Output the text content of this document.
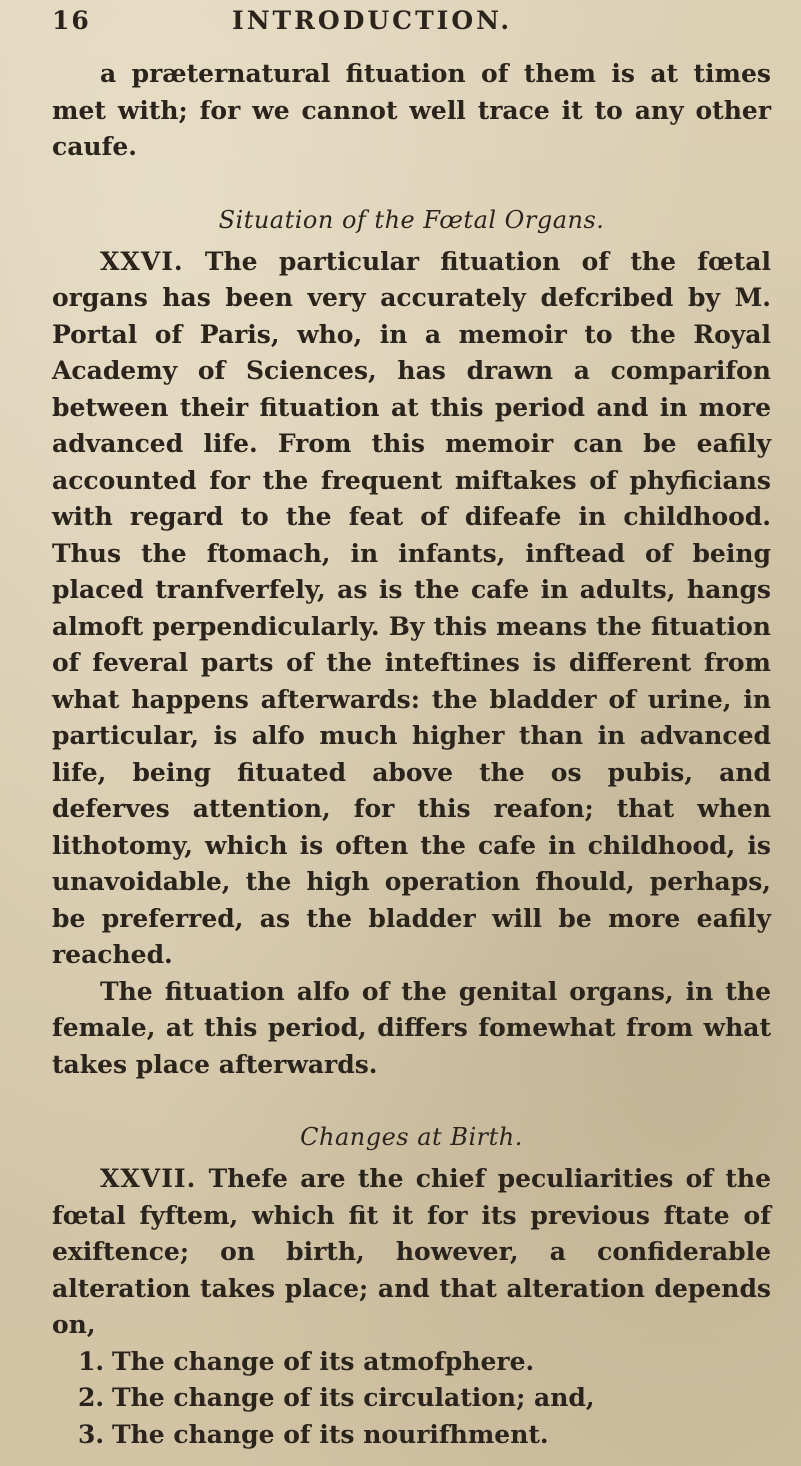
16	INTRODUCTION.

a præternatural fituation of them is at times met with; for we cannot well trace it to any other caufe.

Situation of the Fœtal Organs.

XXVI. The particular fituation of the fœtal organs has been very accurately defcribed by M. Portal of Paris, who, in a memoir to the Royal Academy of Sciences, has drawn a comparifon between their fituation at this period and in more advanced life. From this memoir can be eafily accounted for the frequent miftakes of phyficians with regard to the feat of difeafe in childhood. Thus the ftomach, in infants, inftead of being placed tranfverfely, as is the cafe in adults, hangs almoft perpendicularly. By this means the fituation of feveral parts of the inteftines is different from what happens afterwards: the bladder of urine, in particular, is alfo much higher than in advanced life, being fituated above the os pubis, and deferves attention, for this reafon; that when lithotomy, which is often the cafe in childhood, is unavoidable, the high operation fhould, perhaps, be preferred, as the bladder will be more eafily reached.

The fituation alfo of the genital organs, in the female, at this period, differs fomewhat from what takes place afterwards.

Changes at Birth.

XXVII. Thefe are the chief peculiarities of the fœtal fyftem, which fit it for its previous ftate of exiftence; on birth, however, a confiderable alteration takes place; and that alteration depends on,

1. The change of its atmofphere.

2. The change of its circulation; and,

3. The change of its nourifhment.
